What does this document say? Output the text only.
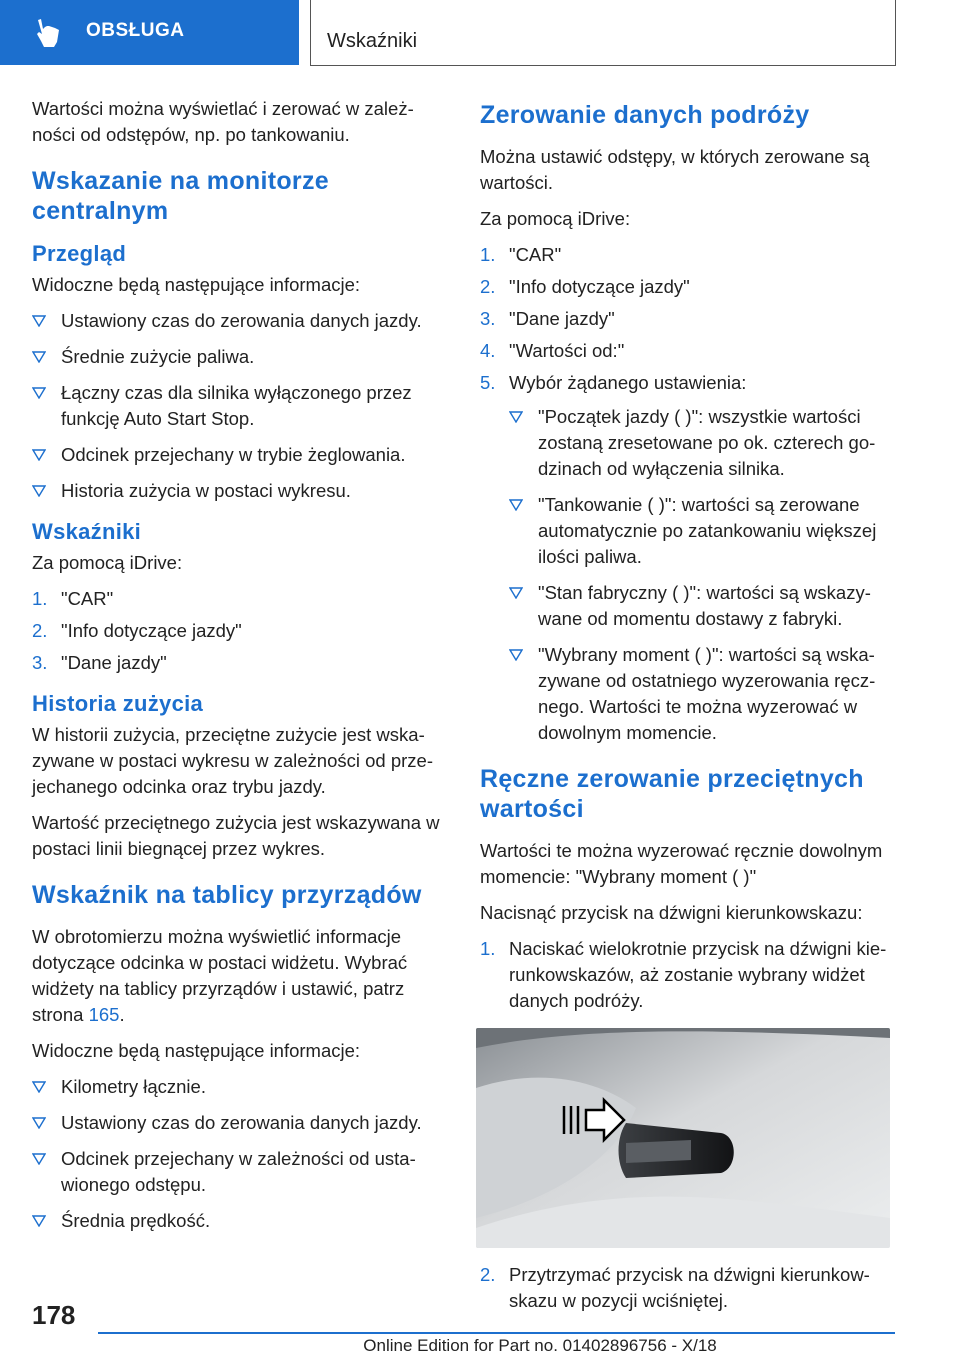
OBSŁUGA	Wskaźniki

Wartości można wyświetlać i zerować w zależ-ności od odstępów, np. po tankowaniu.

Wskazanie na monitorze centralnym
Przegląd

Widoczne będą następujące informacje:

Ustawiony czas do zerowania danych jazdy.
Średnie zużycie paliwa.
Łączny czas dla silnika wyłączonego przez funkcję Auto Start Stop.
Odcinek przejechany w trybie żeglowania.
Historia zużycia w postaci wykresu.
Wskaźniki

Za pomocą iDrive:

1. "CAR"
2. "Info dotyczące jazdy"
3. "Dane jazdy"
Historia zużycia

W historii zużycia, przeciętne zużycie jest wska-zywane w postaci wykresu w zależności od prze-jechanego odcinka oraz trybu jazdy.

Wartość przeciętnego zużycia jest wskazywana w postaci linii biegnącej przez wykres.

Wskaźnik na tablicy przyrządów

W obrotomierzu można wyświetlić informacje dotyczące odcinka w postaci widżetu. Wybrać widżety na tablicy przyrządów i ustawić, patrz strona 165.

Widoczne będą następujące informacje:

Kilometry łącznie.
Ustawiony czas do zerowania danych jazdy.
Odcinek przejechany w zależności od usta-wionego odstępu.
Średnia prędkość.
Zerowanie danych podróży

Można ustawić odstępy, w których zerowane są wartości.

Za pomocą iDrive:

1. "CAR"
2. "Info dotyczące jazdy"
3. "Dane jazdy"
4. "Wartości od:"
5. Wybór żądanego ustawienia:
"Początek jazdy ( )": wszystkie wartości zostaną zresetowane po ok. czterech go-dzinach od wyłączenia silnika.
"Tankowanie ( )": wartości są zerowane automatycznie po zatankowaniu większej ilości paliwa.
"Stan fabryczny ( )": wartości są wskazy-wane od momentu dostawy z fabryki.
"Wybrany moment ( )": wartości są wska-zywane od ostatniego wyzerowania ręcz-nego. Wartości te można wyzerować w dowolnym momencie.
Ręczne zerowanie przeciętnych wartości

Wartości te można wyzerować ręcznie dowolnym momencie: "Wybrany moment ( )"

Nacisnąć przycisk na dźwigni kierunkowskazu:

1. Naciskać wielokrotnie przycisk na dźwigni kie-runkowskazów, aż zostanie wybrany widżet danych podróży.
2. Przytrzymać przycisk na dźwigni kierunkow-skazu w pozycji wciśniętej.
178
Online Edition for Part no. 01402896756 - X/18
